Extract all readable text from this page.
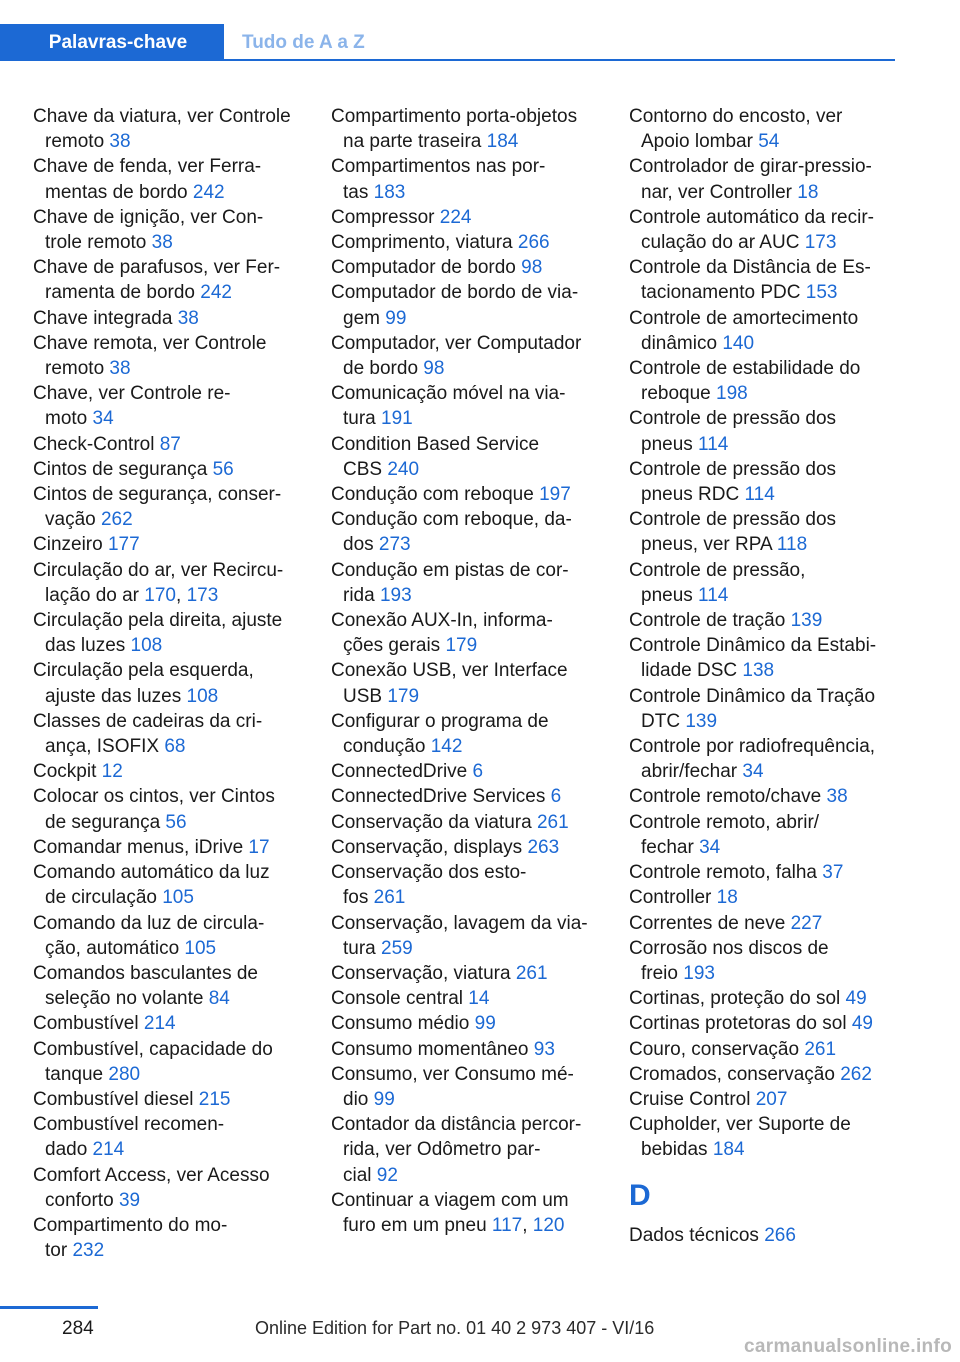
Palavras-chave	Tudo de A a Z
Chave da viatura, ver Controle
remoto 38
Chave de fenda, ver Ferra-
mentas de bordo 242
Chave de ignição, ver Con-
trole remoto 38
Chave de parafusos, ver Fer-
ramenta de bordo 242
Chave integrada 38
Chave remota, ver Controle
remoto 38
Chave, ver Controle re-
moto 34
Check-Control 87
Cintos de segurança 56
Cintos de segurança, conser-
vação 262
Cinzeiro 177
Circulação do ar, ver Recircu-
lação do ar 170, 173
Circulação pela direita, ajuste
das luzes 108
Circulação pela esquerda,
ajuste das luzes 108
Classes de cadeiras da cri-
ança, ISOFIX 68
Cockpit 12
Colocar os cintos, ver Cintos
de segurança 56
Comandar menus, iDrive 17
Comando automático da luz
de circulação 105
Comando da luz de circula-
ção, automático 105
Comandos basculantes de
seleção no volante 84
Combustível 214
Combustível, capacidade do
tanque 280
Combustível diesel 215
Combustível recomen-
dado 214
Comfort Access, ver Acesso
conforto 39
Compartimento do mo-
tor 232
Compartimento porta-objetos
na parte traseira 184
Compartimentos nas por-
tas 183
Compressor 224
Comprimento, viatura 266
Computador de bordo 98
Computador de bordo de via-
gem 99
Computador, ver Computador
de bordo 98
Comunicação móvel na via-
tura 191
Condition Based Service
CBS 240
Condução com reboque 197
Condução com reboque, da-
dos 273
Condução em pistas de cor-
rida 193
Conexão AUX-In, informa-
ções gerais 179
Conexão USB, ver Interface
USB 179
Configurar o programa de
condução 142
ConnectedDrive 6
ConnectedDrive Services 6
Conservação da viatura 261
Conservação, displays 263
Conservação dos esto-
fos 261
Conservação, lavagem da via-
tura 259
Conservação, viatura 261
Console central 14
Consumo médio 99
Consumo momentâneo 93
Consumo, ver Consumo mé-
dio 99
Contador da distância percor-
rida, ver Odômetro par-
cial 92
Continuar a viagem com um
furo em um pneu 117, 120
Contorno do encosto, ver
Apoio lombar 54
Controlador de girar-pressio-
nar, ver Controller 18
Controle automático da recir-
culação do ar AUC 173
Controle da Distância de Es-
tacionamento PDC 153
Controle de amortecimento
dinâmico 140
Controle de estabilidade do
reboque 198
Controle de pressão dos
pneus 114
Controle de pressão dos
pneus RDC 114
Controle de pressão dos
pneus, ver RPA 118
Controle de pressão,
pneus 114
Controle de tração 139
Controle Dinâmico da Estabi-
lidade DSC 138
Controle Dinâmico da Tração
DTC 139
Controle por radiofrequência,
abrir/fechar 34
Controle remoto/chave 38
Controle remoto, abrir/
fechar 34
Controle remoto, falha 37
Controller 18
Correntes de neve 227
Corrosão nos discos de
freio 193
Cortinas, proteção do sol 49
Cortinas protetoras do sol 49
Couro, conservação 261
Cromados, conservação 262
Cruise Control 207
Cupholder, ver Suporte de
bebidas 184
D
Dados técnicos 266
284	Online Edition for Part no. 01 40 2 973 407 - VI/16
carmanualsonline.info
